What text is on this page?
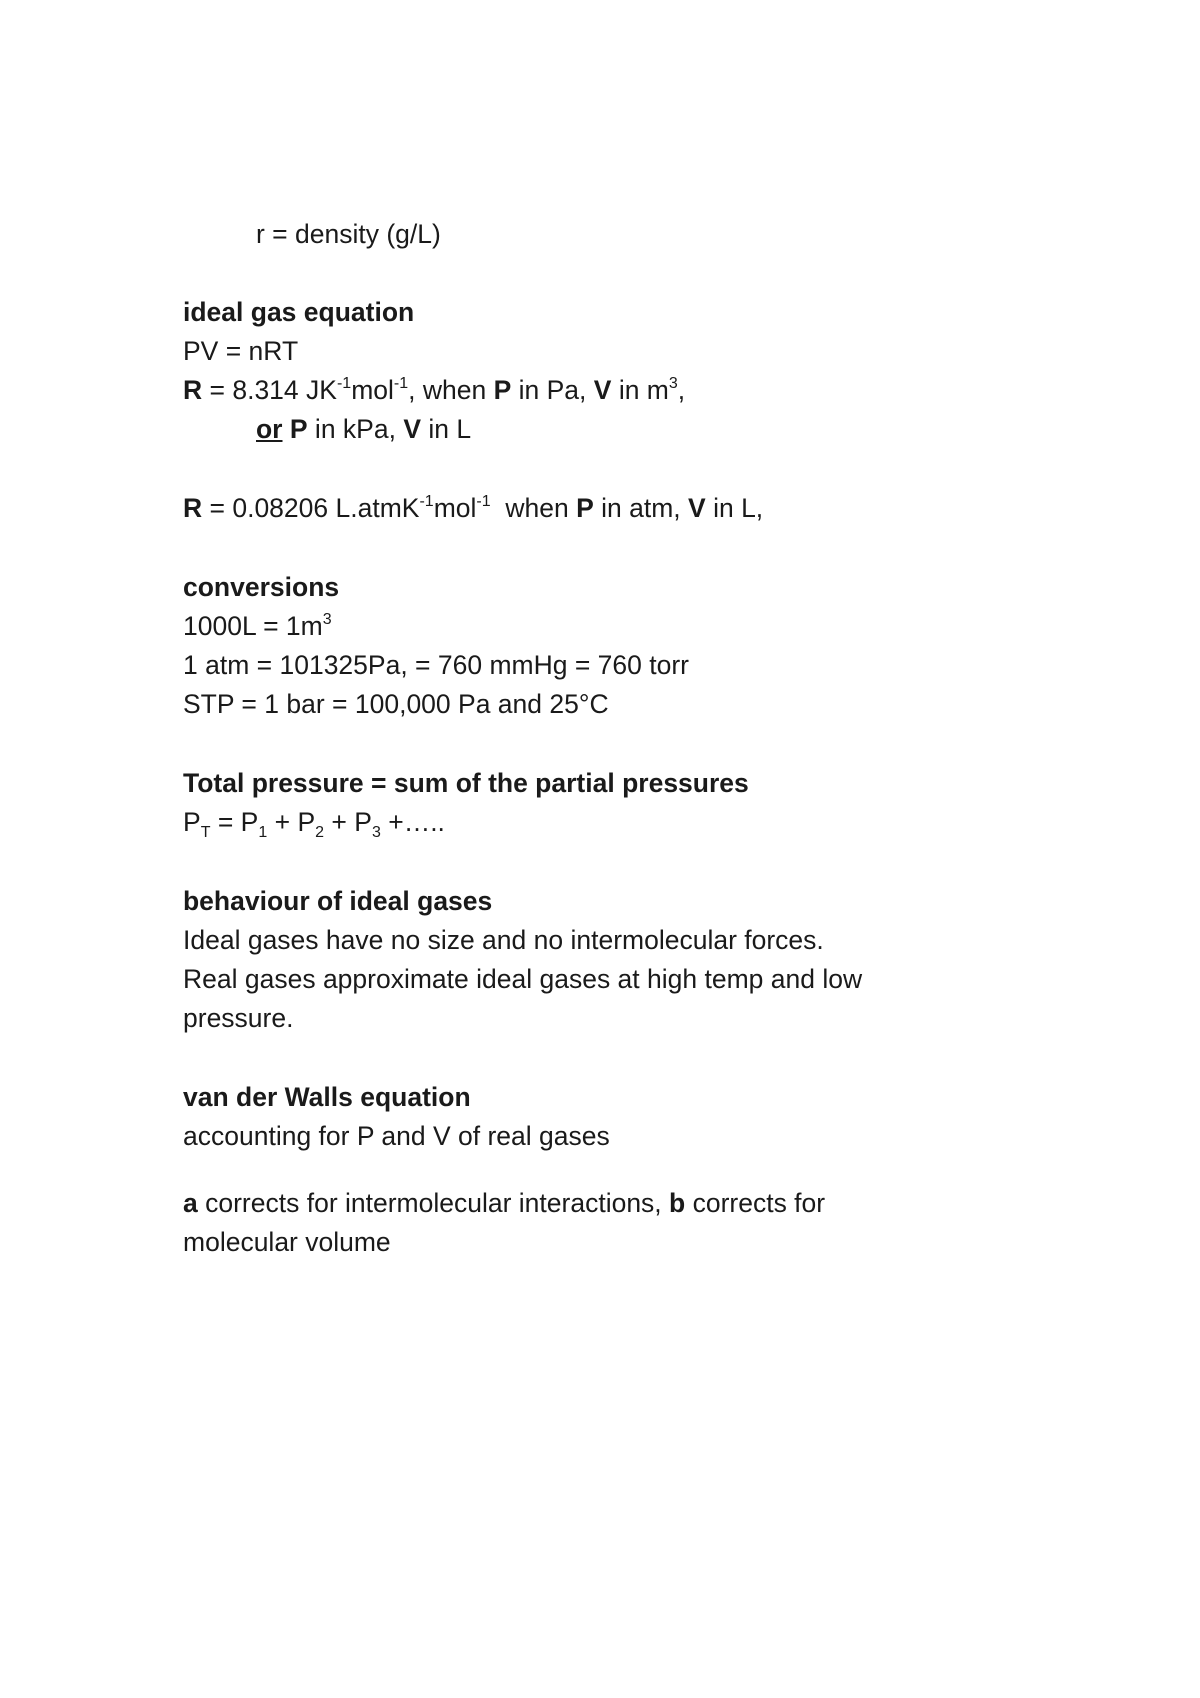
r = density (g/L)
ideal gas equation
PV = nRT
R = 8.314 $JK^{-1}mol^{-1}$, when P in Pa, V in $m^3$,
or P in kPa, V in L
R = 0.08206 L.atmK$^{-1}$mol$^{-1}$  when P in atm, V in L,
conversions
$1000L = 1m^3$
1 atm = 101325Pa, = 760 mmHg = 760 torr
STP = 1 bar = 100,000 Pa and 25°C
Total pressure = sum of the partial pressures
$P_T = P_1 + P_2 + P_3$ +…..
behaviour of ideal gases
Ideal gases have no size and no intermolecular forces.
Real gases approximate ideal gases at high temp and low
pressure.
van der Walls equation
accounting for P and V of real gases
a corrects for intermolecular interactions, b corrects for
molecular volume
